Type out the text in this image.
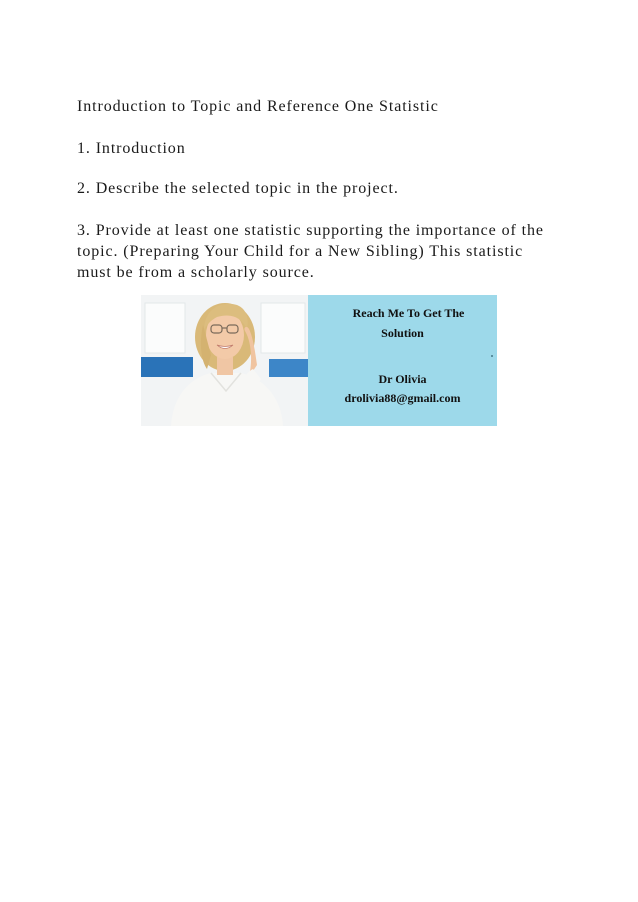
Introduction to Topic and Reference One Statistic

1. Introduction

2. Describe the selected topic in the project.

3. Provide at least one statistic supporting the importance of the
topic. (Preparing Your Child for a New Sibling) This statistic
must be from a scholarly source.

Reach Me To Get The

Solution

Dr Olivia

drolivia88@gmail.com
